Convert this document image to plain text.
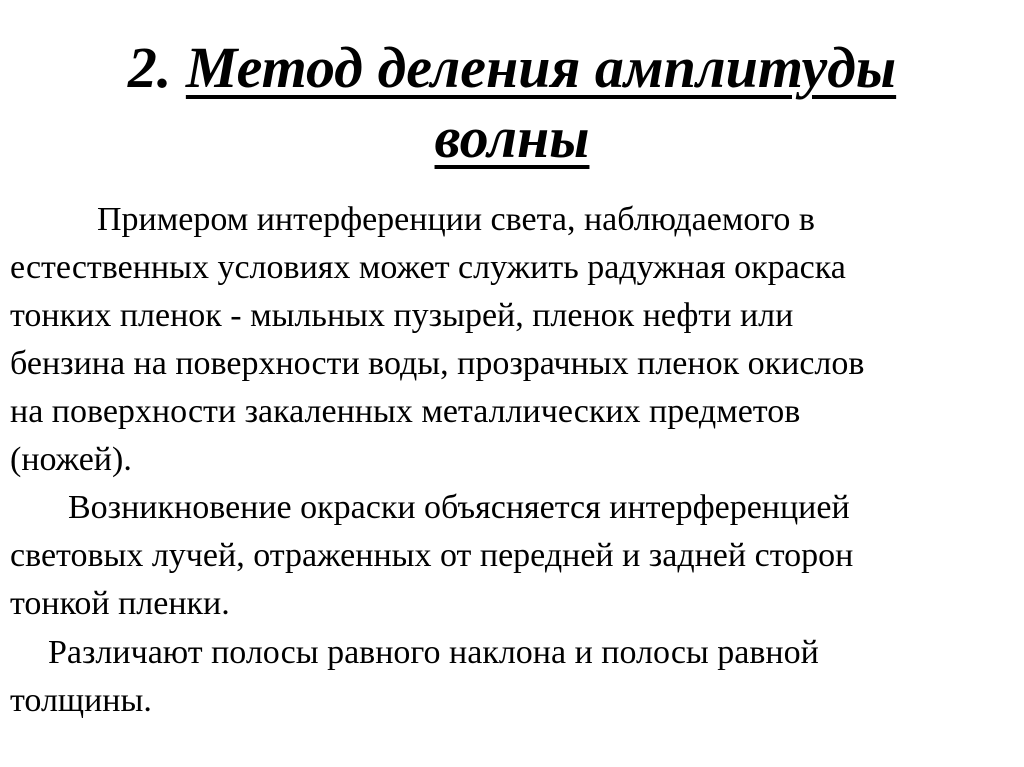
2. Метод деления амплитуды
волны
Примером интерференции света, наблюдаемого в
естественных условиях может служить радужная окраска
тонких пленок - мыльных пузырей, пленок нефти или
бензина на поверхности воды, прозрачных пленок окислов
на поверхности закаленных металлических предметов
(ножей).
Возникновение окраски объясняется интерференцией
световых лучей, отраженных от передней и задней сторон
тонкой пленки.
Различают полосы равного наклона и полосы равной
толщины.
